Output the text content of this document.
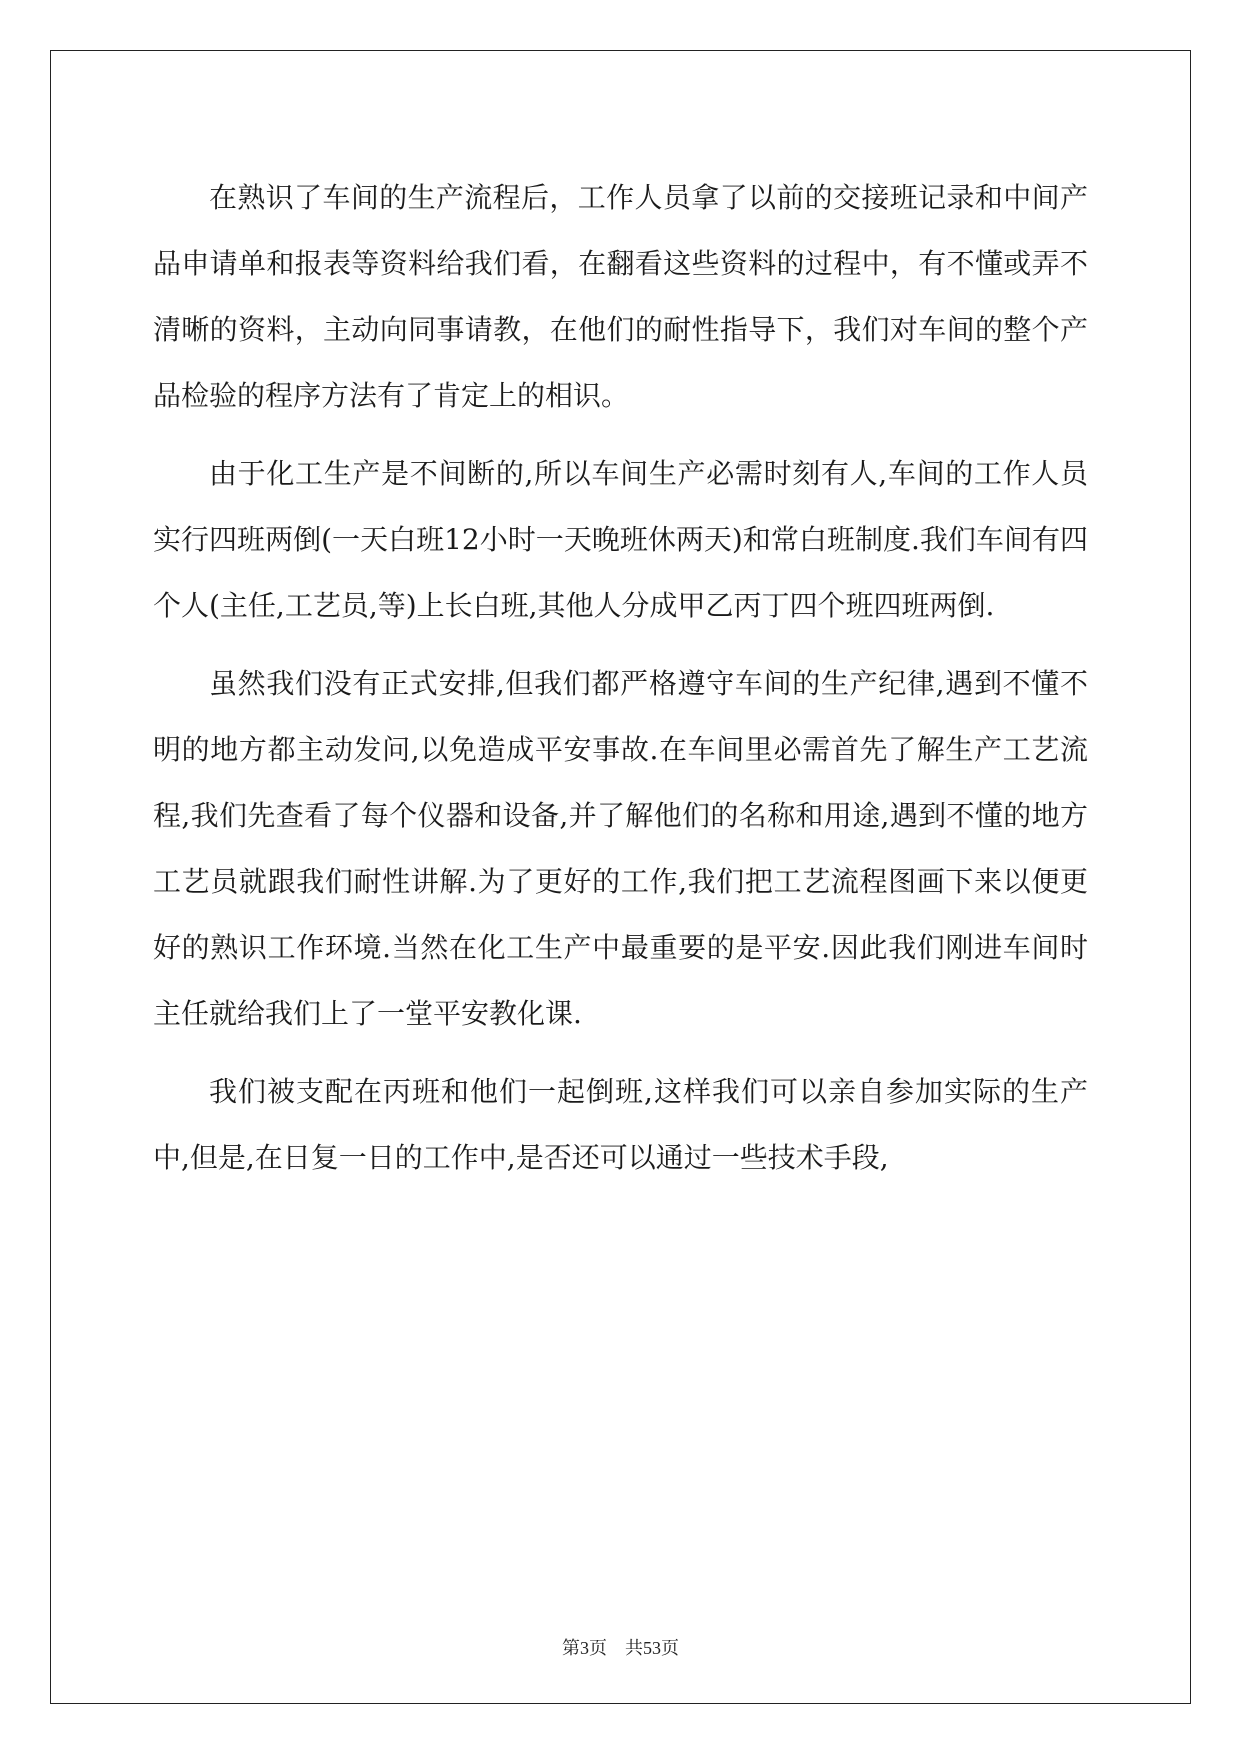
在熟识了车间的生产流程后，工作人员拿了以前的交接班记录和中间产品申请单和报表等资料给我们看，在翻看这些资料的过程中，有不懂或弄不清晰的资料，主动向同事请教，在他们的耐性指导下，我们对车间的整个产品检验的程序方法有了肯定上的相识。

由于化工生产是不间断的,所以车间生产必需时刻有人,车间的工作人员实行四班两倒(一天白班12小时一天晚班休两天)和常白班制度.我们车间有四个人(主任,工艺员,等)上长白班,其他人分成甲乙丙丁四个班四班两倒.

虽然我们没有正式安排,但我们都严格遵守车间的生产纪律,遇到不懂不明的地方都主动发问,以免造成平安事故.在车间里必需首先了解生产工艺流程,我们先查看了每个仪器和设备,并了解他们的名称和用途,遇到不懂的地方工艺员就跟我们耐性讲解.为了更好的工作,我们把工艺流程图画下来以便更好的熟识工作环境.当然在化工生产中最重要的是平安.因此我们刚进车间时主任就给我们上了一堂平安教化课.

我们被支配在丙班和他们一起倒班,这样我们可以亲自参加实际的生产中,但是,在日复一日的工作中,是否还可以通过一些技术手段,

第3页 共53页
